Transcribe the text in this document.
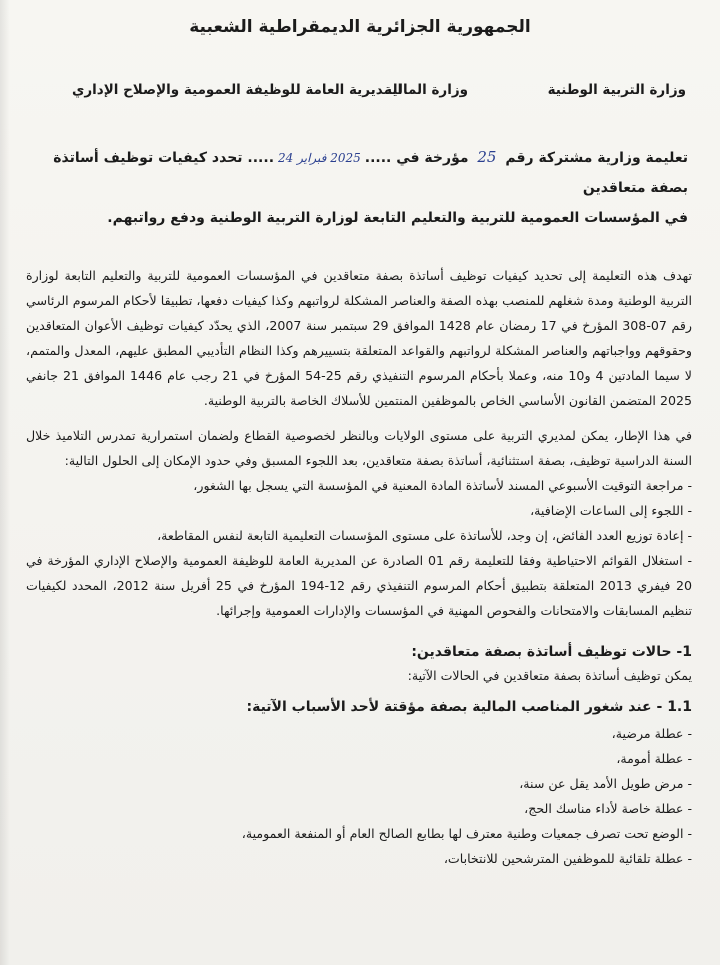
الجمهورية الجزائرية الديمقراطية الشعبية
وزارة التربية الوطنية
وزارة المالية
المديرية العامة للوظيفة العمومية والإصلاح الإداري
تعليمة وزارية مشتركة رقم 25 مؤرخة في .....2025 فبراير 24..... تحدد كيفيات توظيف أساتذة بصفة متعاقدين
في المؤسسات العمومية للتربية والتعليم التابعة لوزارة التربية الوطنية ودفع رواتبهم.

تهدف هذه التعليمة إلى تحديد كيفيات توظيف أساتذة بصفة متعاقدين في المؤسسات العمومية للتربية والتعليم التابعة لوزارة التربية الوطنية ومدة شغلهم للمنصب بهذه الصفة والعناصر المشكلة لرواتبهم وكذا كيفيات دفعها، تطبيقا لأحكام المرسوم الرئاسي رقم 07-308 المؤرخ في 17 رمضان عام 1428 الموافق 29 سبتمبر سنة 2007، الذي يحدّد كيفيات توظيف الأعوان المتعاقدين وحقوقهم وواجباتهم والعناصر المشكلة لرواتبهم والقواعد المتعلقة بتسييرهم وكذا النظام التأديبي المطبق عليهم، المعدل والمتمم، لا سيما المادتين 4 و10 منه، وعملا بأحكام المرسوم التنفيذي رقم 25-54 المؤرخ في 21 رجب عام 1446 الموافق 21 جانفي 2025 المتضمن القانون الأساسي الخاص بالموظفين المنتمين للأسلاك الخاصة بالتربية الوطنية.

في هذا الإطار، يمكن لمديري التربية على مستوى الولايات وبالنظر لخصوصية القطاع ولضمان استمرارية تمدرس التلاميذ خلال السنة الدراسية توظيف، بصفة استثنائية، أساتذة بصفة متعاقدين، بعد اللجوء المسبق وفي حدود الإمكان إلى الحلول التالية:

- مراجعة التوقيت الأسبوعي المسند لأساتذة المادة المعنية في المؤسسة التي يسجل بها الشغور،
- اللجوء إلى الساعات الإضافية،
- إعادة توزيع العدد الفائض، إن وجد، للأساتذة على مستوى المؤسسات التعليمية التابعة لنفس المقاطعة،
- استغلال القوائم الاحتياطية وفقا للتعليمة رقم 01 الصادرة عن المديرية العامة للوظيفة العمومية والإصلاح الإداري المؤرخة في 20 فيفري 2013 المتعلقة بتطبيق أحكام المرسوم التنفيذي رقم 12-194 المؤرخ في 25 أفريل سنة 2012، المحدد لكيفيات تنظيم المسابقات والامتحانات والفحوص المهنية في المؤسسات والإدارات العمومية وإجرائها.
1- حالات توظيف أساتذة بصفة متعاقدين:
يمكن توظيف أساتذة بصفة متعاقدين في الحالات الآتية:
1.1 - عند شغور المناصب المالية بصفة مؤقتة لأحد الأسباب الآتية:
- عطلة مرضية،
- عطلة أمومة،
- مرض طويل الأمد يقل عن سنة،
- عطلة خاصة لأداء مناسك الحج،
- الوضع تحت تصرف جمعيات وطنية معترف لها بطابع الصالح العام أو المنفعة العمومية،
- عطلة تلقائية للموظفين المترشحين للانتخابات،
